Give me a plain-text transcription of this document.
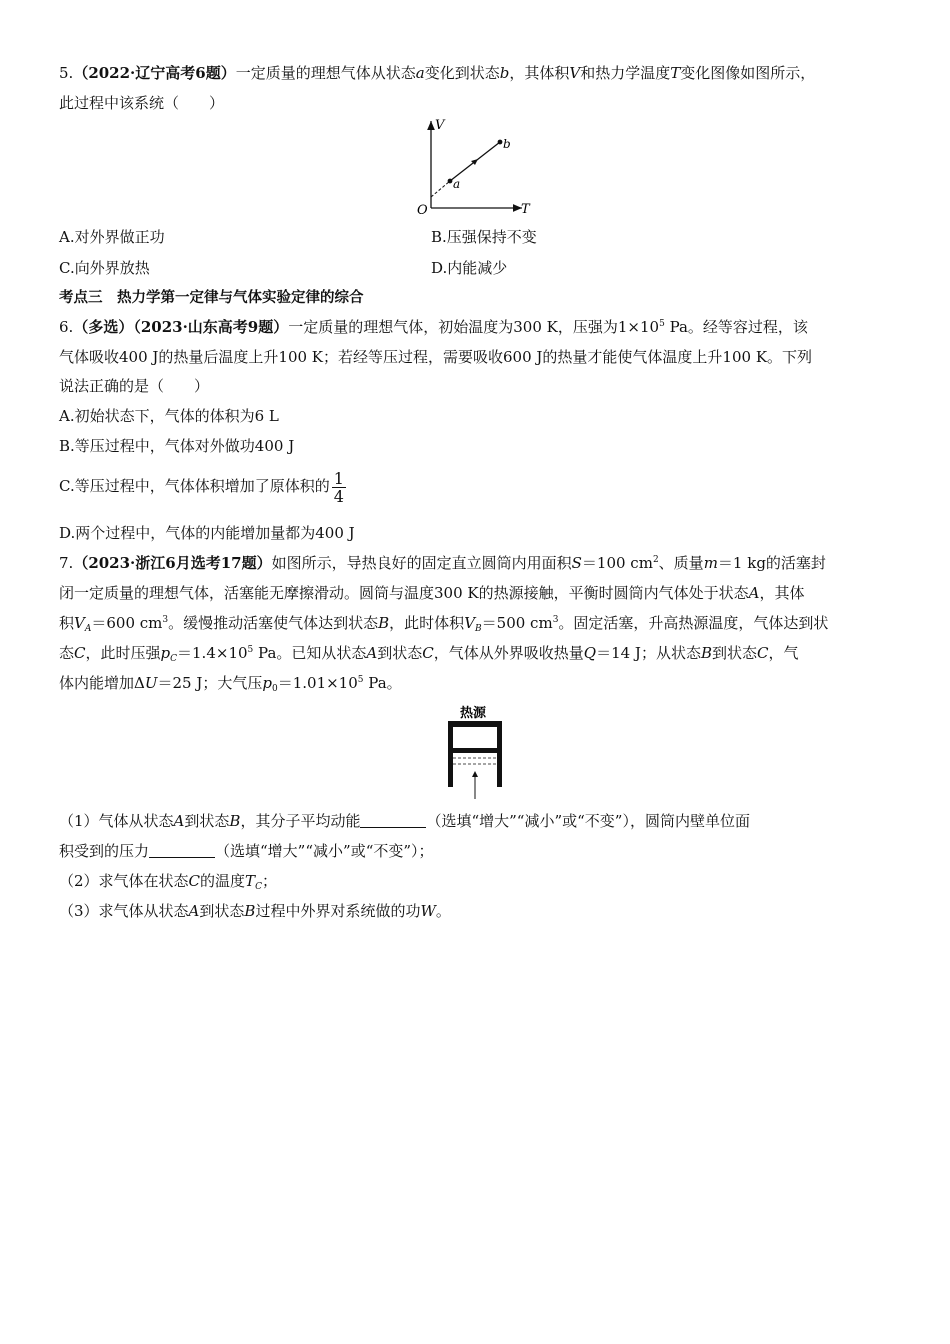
5.（2022·辽宁高考6题）一定质量的理想气体从状态a变化到状态b，其体积V和热力学温度T变化图像如图所示，
此过程中该系统（　　）
V
T
O
a
b
A.对外界做正功	B.压强保持不变
C.向外界放热	D.内能减少
考点三　热力学第一定律与气体实验定律的综合
6.（多选）（2023·山东高考9题）一定质量的理想气体，初始温度为300 K，压强为$1\times 10^5$ Pa。经等容过程，该
气体吸收400 J的热量后温度上升100 K；若经等压过程，需要吸收600 J的热量才能使气体温度上升100 K。下列
说法正确的是（　　）
A.初始状态下，气体的体积为6 L
B.等压过程中，气体对外做功400 J
C.等压过程中，气体体积增加了原体积的 $\frac{1}{4}$
D.两个过程中，气体的内能增加量都为400 J
7.（2023·浙江6月选考17题）如图所示，导热良好的固定直立圆筒内用面积S＝100 $cm^2$、质量m＝1 kg的活塞封
闭一定质量的理想气体，活塞能无摩擦滑动。圆筒与温度300 K的热源接触，平衡时圆筒内气体处于状态A，其体
积$V_A=600$ $cm^3$。缓慢推动活塞使气体达到状态B，此时体积$V_B=500$ $cm^3$。固定活塞，升高热源温度，气体达到状
态C，此时压强$p_C=1.4\times 10^5$ Pa。已知从状态A到状态C，气体从外界吸收热量Q＝14 J；从状态B到状态C，气
体内能增加ΔU＝25 J；大气压$p_0=1.01\times 10^5$ Pa。
热源
（1）气体从状态A到状态B，其分子平均动能	（选填“增大”“减小”或“不变”），圆筒内壁单位面
积受到的压力	（选填“增大”“减小”或“不变”）；
（2）求气体在状态C的温度$T_C$；
（3）求气体从状态A到状态B过程中外界对系统做的功W。
